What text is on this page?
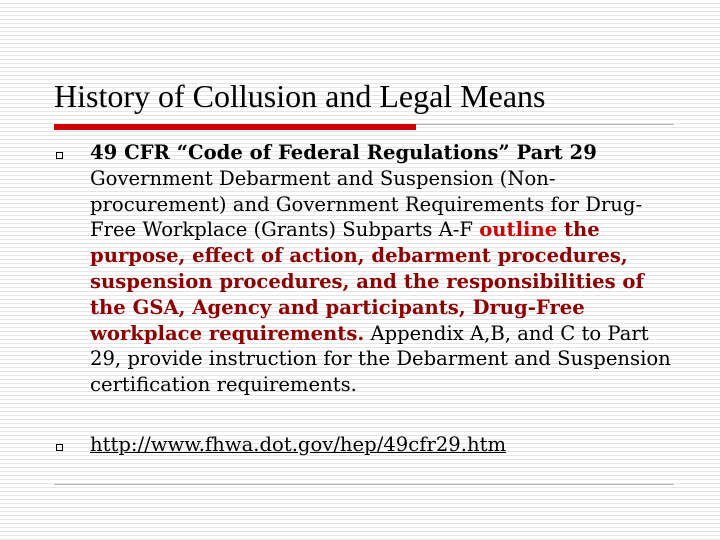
History of Collusion and Legal Means
49 CFR “Code of Federal Regulations” Part 29 Government Debarment and Suspension (Non-procurement) and Government Requirements for Drug-Free Workplace (Grants) Subparts A-F outline the purpose, effect of action, debarment procedures, suspension procedures, and the responsibilities of the GSA, Agency and participants, Drug-Free workplace requirements. Appendix A,B, and C to Part 29, provide instruction for the Debarment and Suspension certification requirements.
http://www.fhwa.dot.gov/hep/49cfr29.htm
